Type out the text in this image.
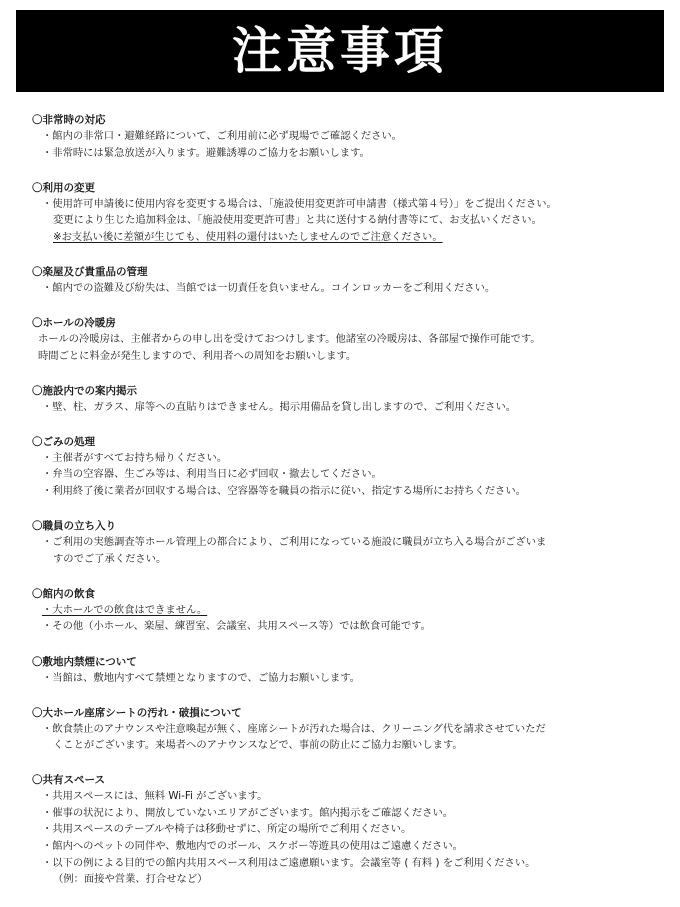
注意事項
〇非常時の対応
・館内の非常口・避難経路について、ご利用前に必ず現場でご確認ください。
・非常時には緊急放送が入ります。避難誘導のご協力をお願いします。
〇利用の変更
・使用許可申請後に使用内容を変更する場合は、「施設使用変更許可申請書（様式第４号）」をご提出ください。
変更により生じた追加料金は、「施設使用変更許可書」と共に送付する納付書等にて、お支払いください。
※お支払い後に差額が生じても、使用料の還付はいたしませんのでご注意ください。
〇楽屋及び貴重品の管理
・館内での盗難及び紛失は、当館では一切責任を負いません。コインロッカーをご利用ください。
〇ホールの冷暖房
ホールの冷暖房は、主催者からの申し出を受けておつけします。他諸室の冷暖房は、各部屋で操作可能です。
時間ごとに料金が発生しますので、利用者への周知をお願いします。
〇施設内での案内掲示
・壁、柱、ガラス、扉等への直貼りはできません。掲示用備品を貸し出しますので、ご利用ください。
〇ごみの処理
・主催者がすべてお持ち帰りください。
・弁当の空容器、生ごみ等は、利用当日に必ず回収・撤去してください。
・利用終了後に業者が回収する場合は、空容器等を職員の指示に従い、指定する場所にお持ちください。
〇職員の立ち入り
・ご利用の実態調査等ホール管理上の都合により、ご利用になっている施設に職員が立ち入る場合がございま
すのでご了承ください。
〇館内の飲食
・大ホールでの飲食はできません。
・その他（小ホール、楽屋、練習室、会議室、共用スペース等）では飲食可能です。
〇敷地内禁煙について
・当館は、敷地内すべて禁煙となりますので、ご協力お願いします。
〇大ホール座席シートの汚れ・破損について
・飲食禁止のアナウンスや注意喚起が無く、座席シートが汚れた場合は、クリーニング代を請求させていただ
くことがございます。来場者へのアナウンスなどで、事前の防止にご協力お願いします。
〇共有スペース
・共用スペースには、無料 Wi-Fi がございます。
・催事の状況により、開放していないエリアがございます。館内掲示をご確認ください。
・共用スペースのテーブルや椅子は移動せずに、所定の場所でご利用ください。
・館内へのペットの同伴や、敷地内でのボール、スケボー等遊具の使用はご遠慮ください。
・以下の例による目的での館内共用スペース利用はご遠慮願います。会議室等 ( 有料 ) をご利用ください。
（例：面接や営業、打合せなど）
